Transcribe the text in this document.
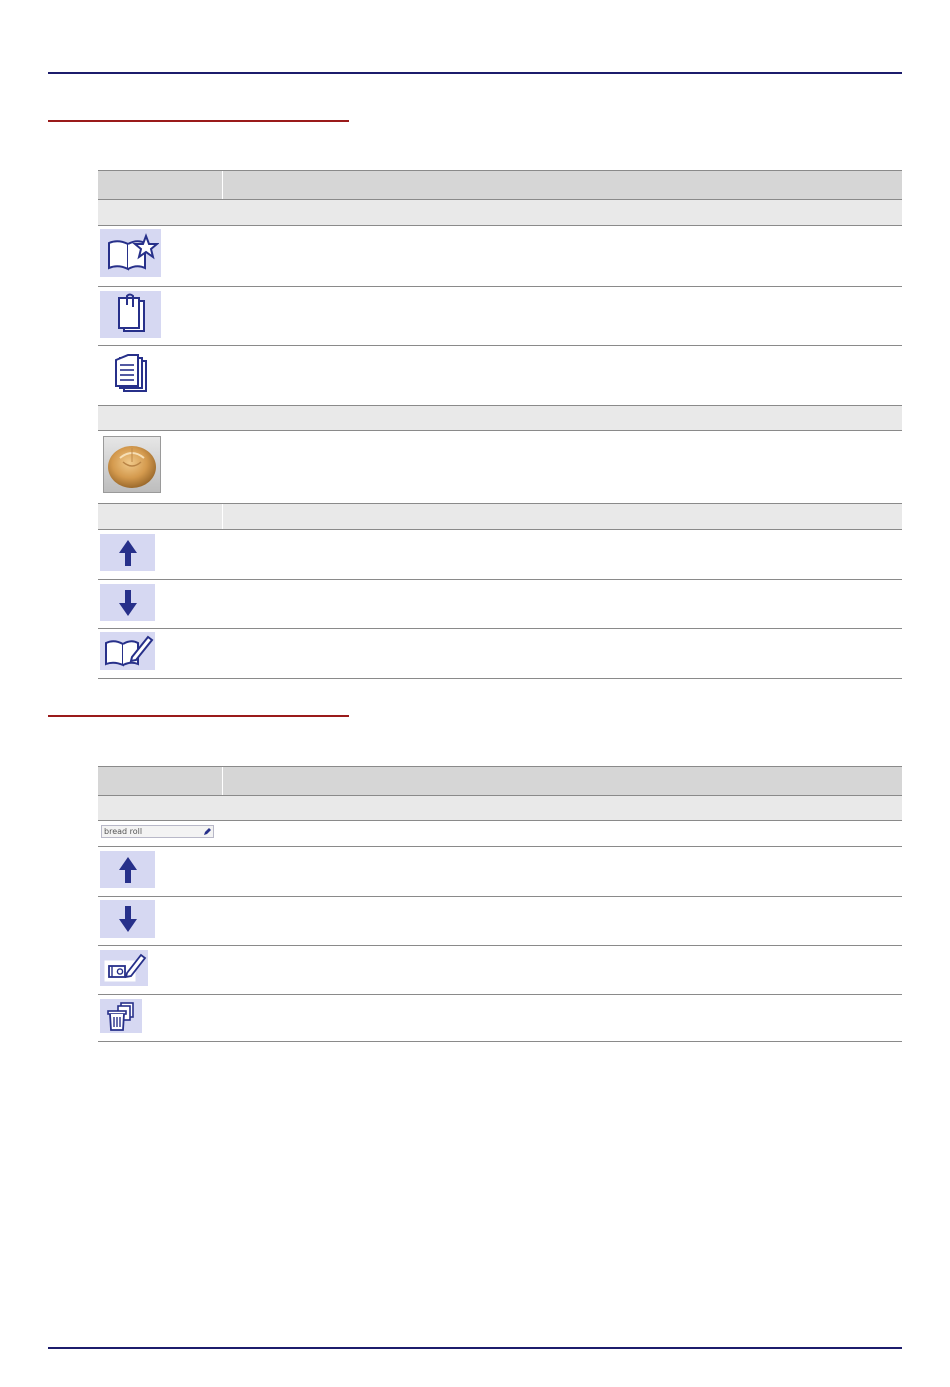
bread roll
